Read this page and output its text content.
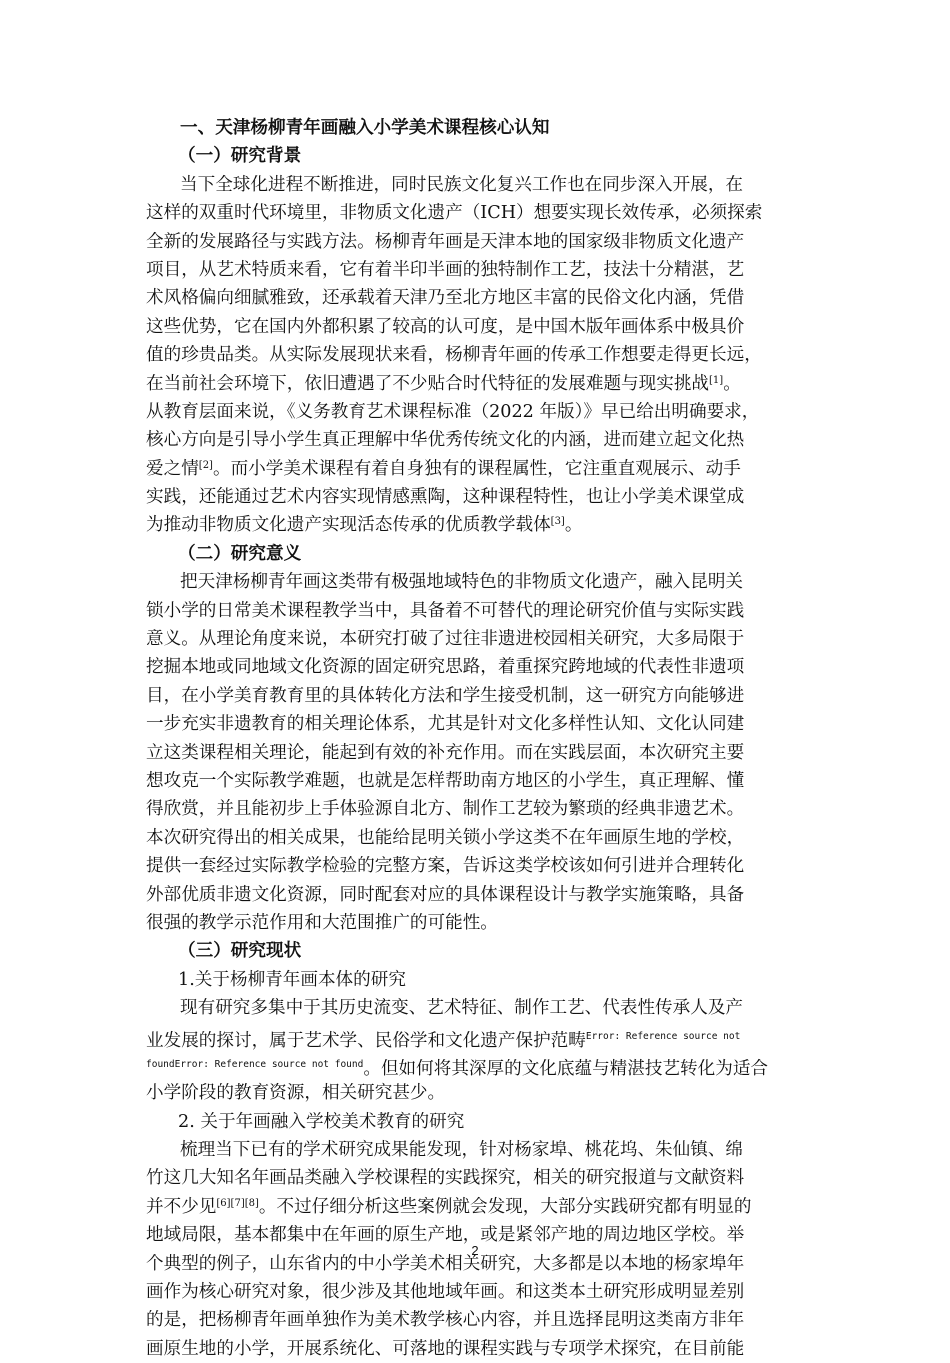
一、天津杨柳青年画融入小学美术课程核心认知
（一）研究背景
当下全球化进程不断推进，同时民族文化复兴工作也在同步深入开展，在
这样的双重时代环境里，非物质文化遗产（ICH）想要实现长效传承，必须探索
全新的发展路径与实践方法。杨柳青年画是天津本地的国家级非物质文化遗产
项目，从艺术特质来看，它有着半印半画的独特制作工艺，技法十分精湛，艺
术风格偏向细腻雅致，还承载着天津乃至北方地区丰富的民俗文化内涵，凭借
这些优势，它在国内外都积累了较高的认可度，是中国木版年画体系中极具价
值的珍贵品类。从实际发展现状来看，杨柳青年画的传承工作想要走得更长远，
在当前社会环境下，依旧遭遇了不少贴合时代特征的发展难题与现实挑战[1]。
从教育层面来说，《义务教育艺术课程标准（2022 年版）》早已给出明确要求，
核心方向是引导小学生真正理解中华优秀传统文化的内涵，进而建立起文化热
爱之情[2]。而小学美术课程有着自身独有的课程属性，它注重直观展示、动手
实践，还能通过艺术内容实现情感熏陶，这种课程特性，也让小学美术课堂成
为推动非物质文化遗产实现活态传承的优质教学载体[3]。
（二）研究意义
把天津杨柳青年画这类带有极强地域特色的非物质文化遗产，融入昆明关
锁小学的日常美术课程教学当中，具备着不可替代的理论研究价值与实际实践
意义。从理论角度来说，本研究打破了过往非遗进校园相关研究，大多局限于
挖掘本地或同地域文化资源的固定研究思路，着重探究跨地域的代表性非遗项
目，在小学美育教育里的具体转化方法和学生接受机制，这一研究方向能够进
一步充实非遗教育的相关理论体系，尤其是针对文化多样性认知、文化认同建
立这类课程相关理论，能起到有效的补充作用。而在实践层面，本次研究主要
想攻克一个实际教学难题，也就是怎样帮助南方地区的小学生，真正理解、懂
得欣赏，并且能初步上手体验源自北方、制作工艺较为繁琐的经典非遗艺术。
本次研究得出的相关成果，也能给昆明关锁小学这类不在年画原生地的学校，
提供一套经过实际教学检验的完整方案，告诉这类学校该如何引进并合理转化
外部优质非遗文化资源，同时配套对应的具体课程设计与教学实施策略，具备
很强的教学示范作用和大范围推广的可能性。
（三）研究现状
1.关于杨柳青年画本体的研究
现有研究多集中于其历史流变、艺术特征、制作工艺、代表性传承人及产
业发展的探讨，属于艺术学、民俗学和文化遗产保护范畴$^{Error: Reference source not}$
$^{foundError: Reference source not found}$。但如何将其深厚的文化底蕴与精湛技艺转化为适合
小学阶段的教育资源，相关研究甚少。
2. 关于年画融入学校美术教育的研究
梳理当下已有的学术研究成果能发现，针对杨家埠、桃花坞、朱仙镇、绵
竹这几大知名年画品类融入学校课程的实践探究，相关的研究报道与文献资料
并不少见[6][7][8]。不过仔细分析这些案例就会发现，大部分实践研究都有明显的
地域局限，基本都集中在年画的原生产地，或是紧邻产地的周边地区学校。举
个典型的例子，山东省内的中小学美术相关研究，大多都是以本地的杨家埠年
画作为核心研究对象，很少涉及其他地域年画。和这类本土研究形成明显差别
的是，把杨柳青年画单独作为美术教学核心内容，并且选择昆明这类南方非年
画原生地的小学，开展系统化、可落地的课程实践与专项学术探究，在目前能
2
